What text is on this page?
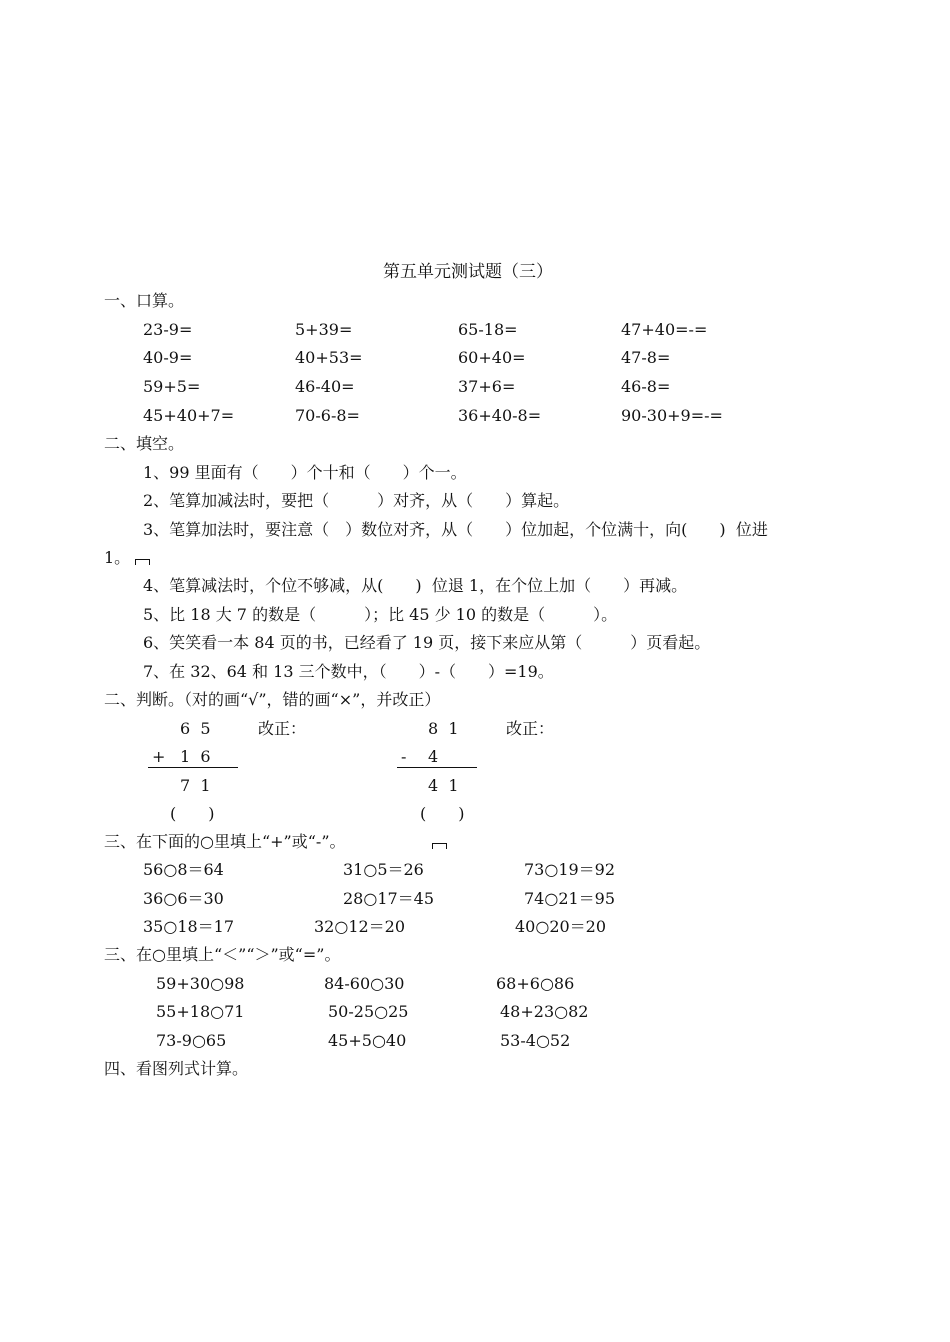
第五单元测试题（三）
一、口算。
23-9=	5+39=	65-18=	47+40=-=
40-9=	40+53=	60+40=	47-8=
59+5=	46-40=	37+6=	46-8=
45+40+7=	70-6-8=	36+40-8=	90-30+9=-=
二、填空。
1、99 里面有（　　）个十和（　　）个一。
2、笔算加减法时，要把（　　　）对齐，从（　　）算起。
3、笔算加法时，要注意（　）数位对齐，从（　　）位加起，个位满十，向(　　)  位进
1。
4、笔算减法时，个位不够减，从(　　)  位退 1，在个位上加（　　）再减。
5、比 18 大 7 的数是（　　　）；比 45 少 10 的数是（　　　）。
6、笑笑看一本 84 页的书，已经看了 19 页，接下来应从第（　　　）页看起。
7、在 32、64 和 13 三个数中，（　　）-（　　）=19。
二、判断。（对的画“√”，错的画“×”，并改正）
6  5	改正：
+ 1  6
7  1
(　　)
8  1	改正：
- 4
4  1
(　　)
三、在下面的○里填上“+”或“-”。
56○8＝64	31○5＝26	73○19＝92
36○6＝30	28○17＝45	74○21＝95
35○18＝17	32○12＝20	40○20＝20
三、在○里填上“＜”“＞”或“=”。
59+30○98	84-60○30	68+6○86
55+18○71	50-25○25	48+23○82
73-9○65	45+5○40	53-4○52
四、看图列式计算。
